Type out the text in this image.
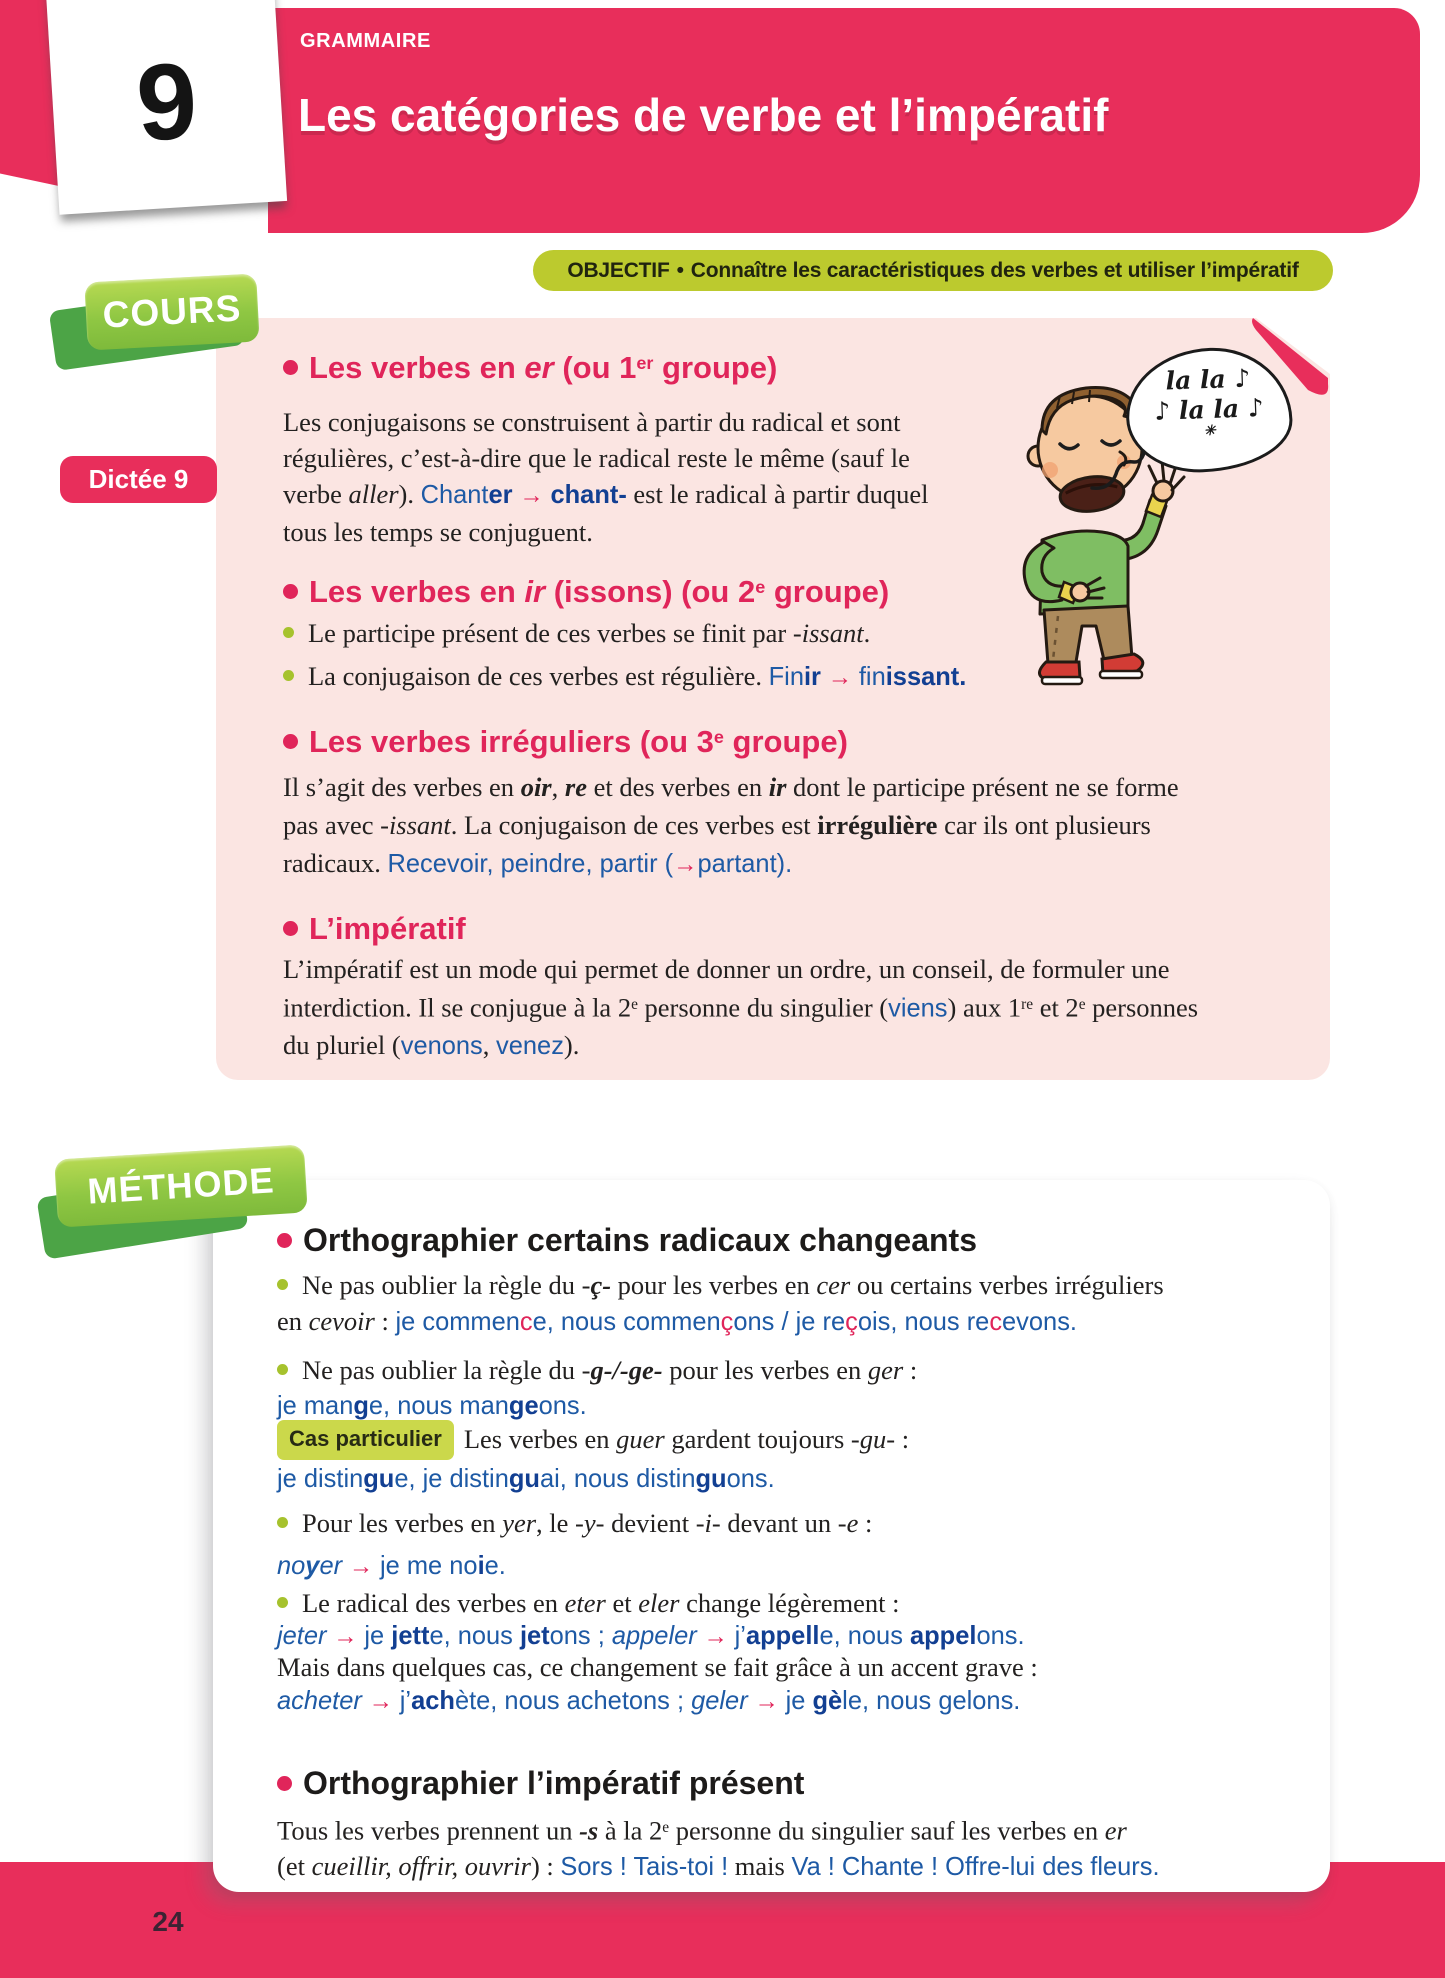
GRAMMAIRE
Les catégories de verbe et l’impératif
9
OBJECTIF • Connaître les caractéristiques des verbes et utiliser l’impératif
COURS
Dictée 9
Les verbes en er (ou 1er groupe)
Les conjugaisons se construisent à partir du radical et sont
régulières, c’est-à-dire que le radical reste le même (sauf le
verbe aller). Chanter → chant- est le radical à partir duquel
tous les temps se conjuguent.
Les verbes en ir (issons) (ou 2e groupe)
Le participe présent de ces verbes se finit par -issant.
La conjugaison de ces verbes est régulière. Finir → finissant.
Les verbes irréguliers (ou 3e groupe)
Il s’agit des verbes en oir, re et des verbes en ir dont le participe présent ne se forme
pas avec -issant. La conjugaison de ces verbes est irrégulière car ils ont plusieurs
radicaux. Recevoir, peindre, partir (→partant).
L’impératif
L’impératif est un mode qui permet de donner un ordre, un conseil, de formuler une
interdiction. Il se conjugue à la 2e personne du singulier (viens) aux 1re et 2e personnes
du pluriel (venons, venez).
la la ♪
♪ la la ♪
✳
MÉTHODE
24
Orthographier certains radicaux changeants
Ne pas oublier la règle du -ç- pour les verbes en cer ou certains verbes irréguliers
en cevoir : je commence, nous commençons / je reçois, nous recevons.
Ne pas oublier la règle du -g-/-ge- pour les verbes en ger :
je mange, nous mangeons.
Cas particulier Les verbes en guer gardent toujours -gu- :
je distingue, je distinguai, nous distinguons.
Pour les verbes en yer, le -y- devient -i- devant un -e :
noyer → je me noie.
Le radical des verbes en eter et eler change légèrement :
jeter → je jette, nous jetons ; appeler → j’appelle, nous appelons.
Mais dans quelques cas, ce changement se fait grâce à un accent grave :
acheter → j’achète, nous achetons ; geler → je gèle, nous gelons.
Orthographier l’impératif présent
Tous les verbes prennent un -s à la 2e personne du singulier sauf les verbes en er
(et cueillir, offrir, ouvrir) : Sors ! Tais-toi ! mais Va ! Chante ! Offre-lui des fleurs.
